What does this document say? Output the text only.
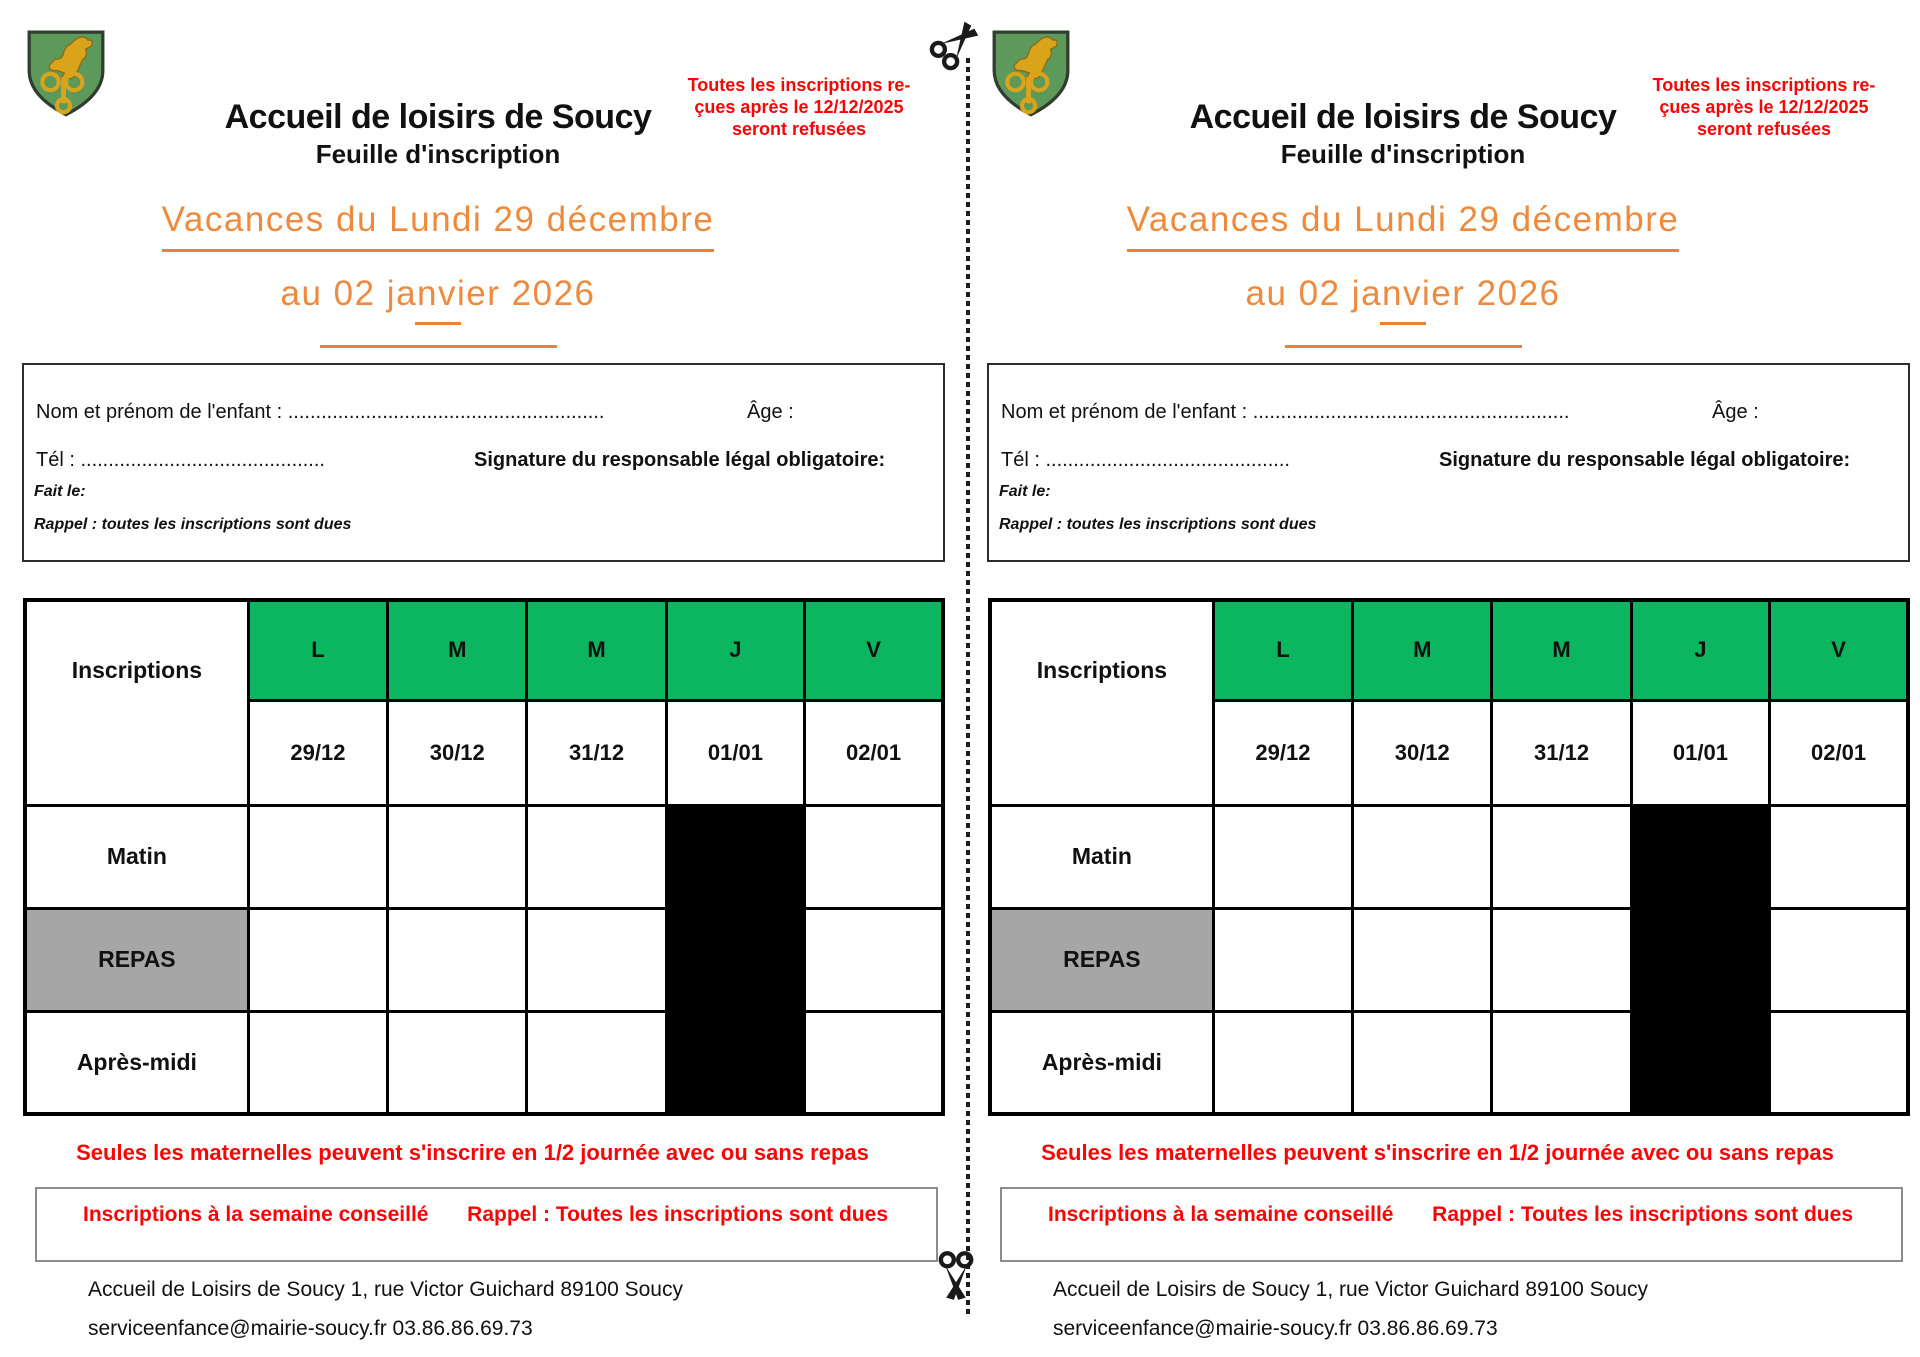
Accueil de loisirs de Soucy
Feuille d'inscription
Toutes les inscriptions re-
çues après le 12/12/2025
seront refusées
Vacances du Lundi 29 décembre
au 02 janvier 2026
Nom et prénom de l'enfant : .........................................................	Âge :
Tél : ............................................	Signature du responsable légal obligatoire:
Fait le:
Rappel : toutes les inscriptions sont dues
Inscriptions	L	M	M	J	V
	29/12	30/12	31/12	01/01	02/01
Matin					
REPAS					
Après-midi					
Seules les maternelles peuvent s'inscrire en 1/2 journée avec ou sans repas
Inscriptions à la semaine conseillé Rappel : Toutes les inscriptions sont dues
Accueil de Loisirs de Soucy 1, rue Victor Guichard 89100 Soucy
serviceenfance@mairie-soucy.fr 03.86.86.69.73
Accueil de loisirs de Soucy
Feuille d'inscription
Toutes les inscriptions re-
çues après le 12/12/2025
seront refusées
Vacances du Lundi 29 décembre
au 02 janvier 2026
Nom et prénom de l'enfant : .........................................................	Âge :
Tél : ............................................	Signature du responsable légal obligatoire:
Fait le:
Rappel : toutes les inscriptions sont dues
Inscriptions	L	M	M	J	V
	29/12	30/12	31/12	01/01	02/01
Matin					
REPAS					
Après-midi					
Seules les maternelles peuvent s'inscrire en 1/2 journée avec ou sans repas
Inscriptions à la semaine conseillé Rappel : Toutes les inscriptions sont dues
Accueil de Loisirs de Soucy 1, rue Victor Guichard 89100 Soucy
serviceenfance@mairie-soucy.fr 03.86.86.69.73
